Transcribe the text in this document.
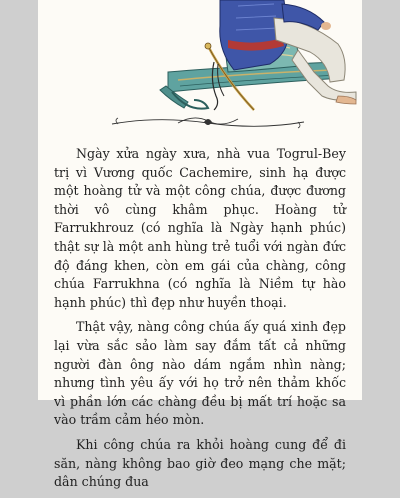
Ngày xửa ngày xưa, nhà vua Togrul-Bey trị vì Vương quốc Cachemire, sinh hạ được một hoàng tử và một công chúa, được đương thời vô cùng khâm phục. Hoàng tử Farrukhrouz (có nghĩa là Ngày hạnh phúc) thật sự là một anh hùng trẻ tuổi với ngàn đức độ đáng khen, còn em gái của chàng, công chúa Farrukhna (có nghĩa là Niềm tự hào hạnh phúc) thì đẹp như huyền thoại.

Thật vậy, nàng công chúa ấy quá xinh đẹp lại vừa sắc sảo làm say đắm tất cả những người đàn ông nào dám ngắm nhìn nàng; nhưng tình yêu ấy với họ trở nên thảm khốc vì phần lớn các chàng đều bị mất trí hoặc sa vào trầm cảm héo mòn.

Khi công chúa ra khỏi hoàng cung để đi săn, nàng không bao giờ đeo mạng che mặt; dân chúng đua
